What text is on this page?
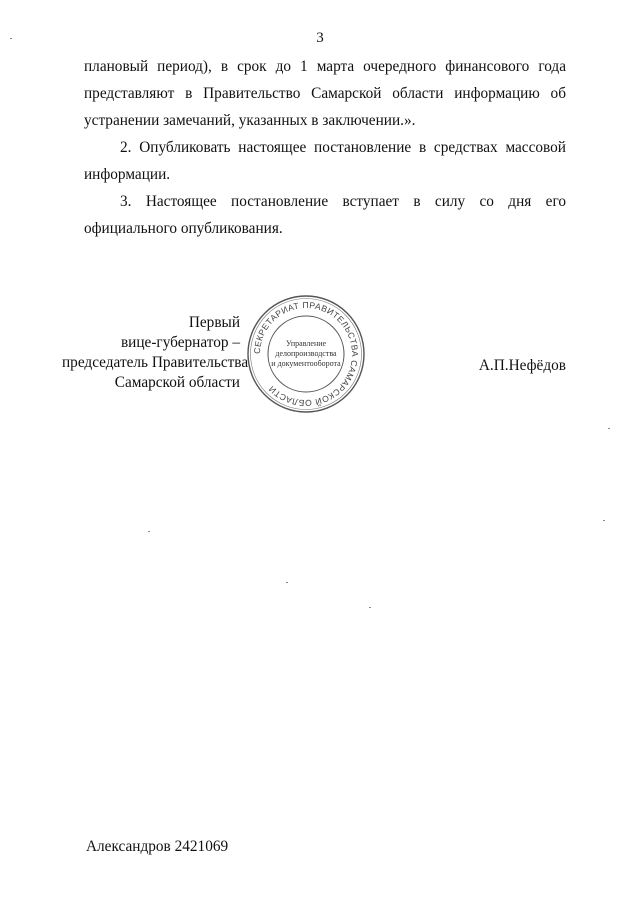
3

плановый период), в срок до 1 марта очередного финансового года представляют в Правительство Самарской области информацию об устранении замечаний, указанных в заключении.».

2. Опубликовать настоящее постановление в средствах массовой информации.

3. Настоящее постановление вступает в силу со дня его официального опубликования.

Первый
вице-губернатор –
председатель Правительства
Самарской области
СЕКРЕТАРИАТ ПРАВИТЕЛЬСТВА САМАРСКОЙ ОБЛАСТИ
Управление
делопроизводства
и документооборота	А.П.Нефёдов
Александров 2421069
